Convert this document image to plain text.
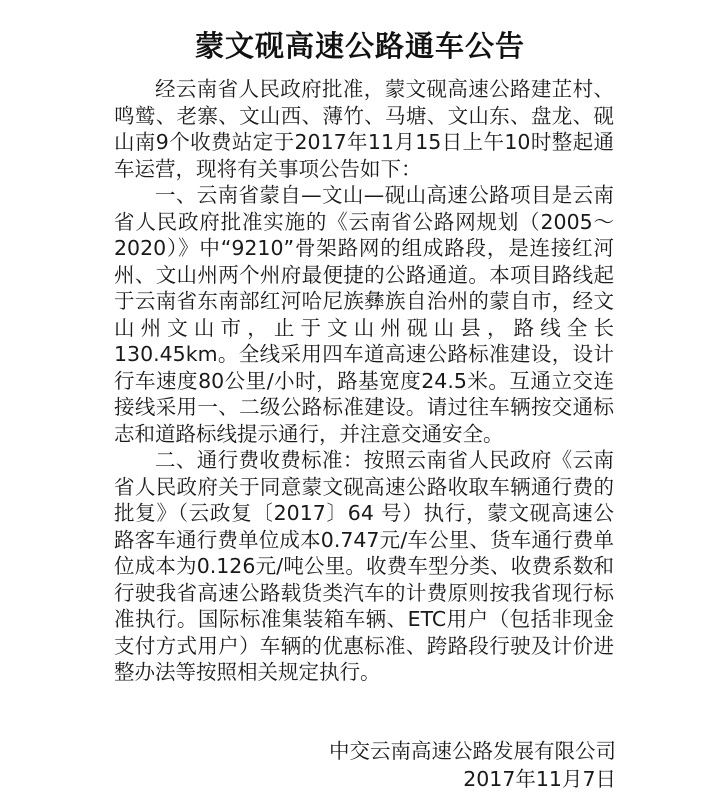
蒙文砚高速公路通车公告

经云南省人民政府批准，蒙文砚高速公路建芷村、鸣鹫、老寨、文山西、薄竹、马塘、文山东、盘龙、砚山南9个收费站定于2017年11月15日上午10时整起通车运营，现将有关事项公告如下：

一、云南省蒙自—文山—砚山高速公路项目是云南省人民政府批准实施的《云南省公路网规划（2005～2020）》中“9210”骨架路网的组成路段，是连接红河州、文山州两个州府最便捷的公路通道。本项目路线起于云南省东南部红河哈尼族彝族自治州的蒙自市，经文山州文山市，止于文山州砚山县，路线全长130.45km。全线采用四车道高速公路标准建设，设计行车速度80公里/小时，路基宽度24.5米。互通立交连接线采用一、二级公路标准建设。请过往车辆按交通标志和道路标线提示通行，并注意交通安全。

二、通行费收费标准：按照云南省人民政府《云南省人民政府关于同意蒙文砚高速公路收取车辆通行费的批复》（云政复〔2017〕64 号）执行，蒙文砚高速公路客车通行费单位成本0.747元/车公里、货车通行费单位成本为0.126元/吨公里。收费车型分类、收费系数和行驶我省高速公路载货类汽车的计费原则按我省现行标准执行。国际标准集装箱车辆、ETC用户（包括非现金支付方式用户）车辆的优惠标准、跨路段行驶及计价进整办法等按照相关规定执行。

中交云南高速公路发展有限公司
2017年11月7日
